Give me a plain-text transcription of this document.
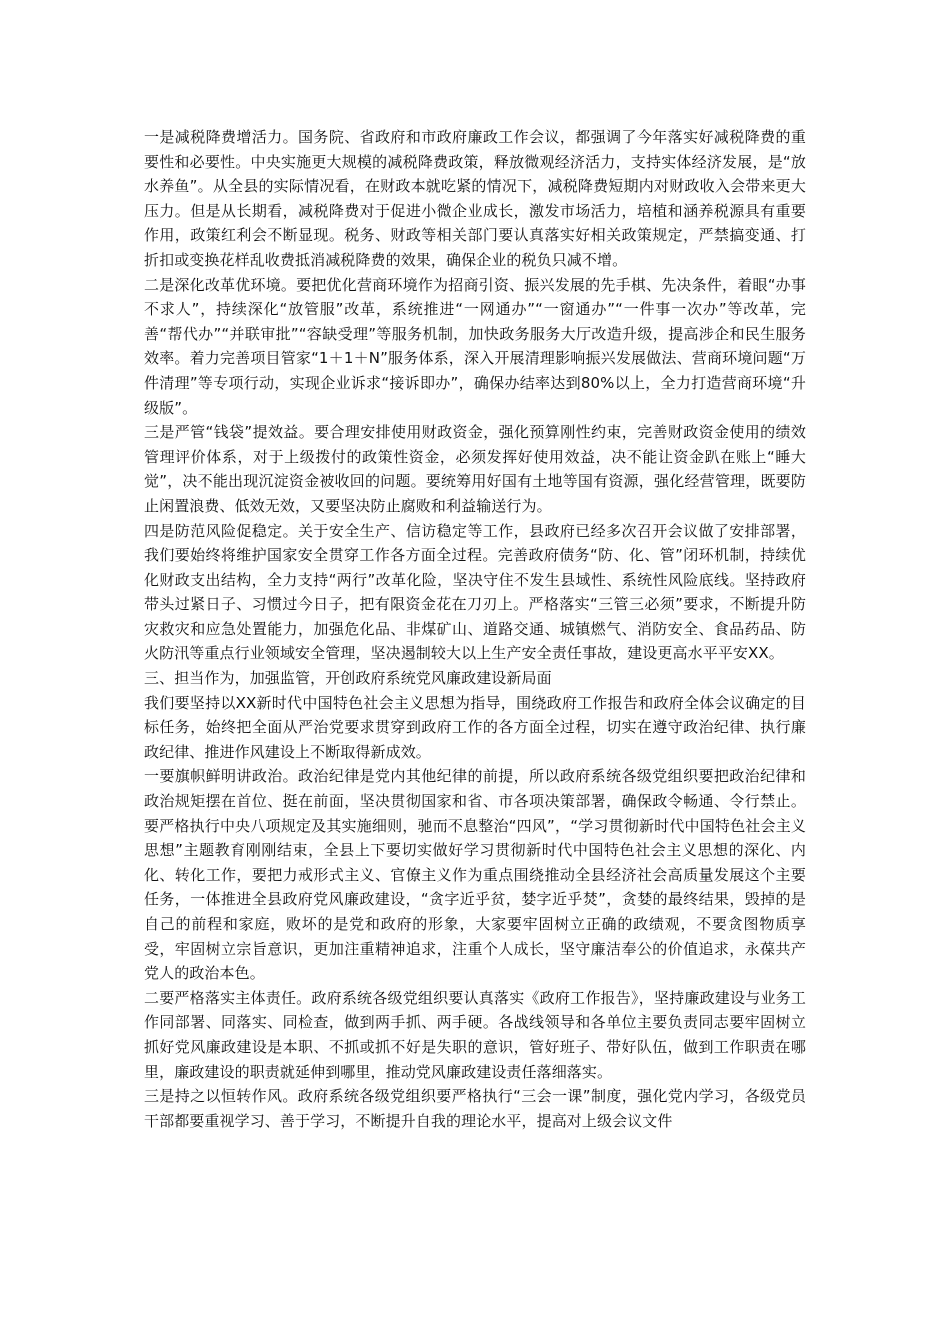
一是减税降费增活力。国务院、省政府和市政府廉政工作会议，都强调了今年落实好减税降费的重要性和必要性。中央实施更大规模的减税降费政策，释放微观经济活力，支持实体经济发展，是“放水养鱼”。从全县的实际情况看，在财政本就吃紧的情况下，减税降费短期内对财政收入会带来更大压力。但是从长期看，减税降费对于促进小微企业成长，激发市场活力，培植和涵养税源具有重要作用，政策红利会不断显现。税务、财政等相关部门要认真落实好相关政策规定，严禁搞变通、打折扣或变换花样乱收费抵消减税降费的效果，确保企业的税负只减不增。

二是深化改革优环境。要把优化营商环境作为招商引资、振兴发展的先手棋、先决条件，着眼“办事不求人”，持续深化“放管服”改革，系统推进“一网通办”“一窗通办”“一件事一次办”等改革，完善“帮代办”“并联审批”“容缺受理”等服务机制，加快政务服务大厅改造升级，提高涉企和民生服务效率。着力完善项目管家“1＋1＋N”服务体系，深入开展清理影响振兴发展做法、营商环境问题“万件清理”等专项行动，实现企业诉求“接诉即办”，确保办结率达到80%以上，全力打造营商环境“升级版”。

三是严管“钱袋”提效益。要合理安排使用财政资金，强化预算刚性约束，完善财政资金使用的绩效管理评价体系，对于上级拨付的政策性资金，必须发挥好使用效益，决不能让资金趴在账上“睡大觉”，决不能出现沉淀资金被收回的问题。要统筹用好国有土地等国有资源，强化经营管理，既要防止闲置浪费、低效无效，又要坚决防止腐败和利益输送行为。

四是防范风险促稳定。关于安全生产、信访稳定等工作，县政府已经多次召开会议做了安排部署，我们要始终将维护国家安全贯穿工作各方面全过程。完善政府债务“防、化、管”闭环机制，持续优化财政支出结构，全力支持“两行”改革化险，坚决守住不发生县域性、系统性风险底线。坚持政府带头过紧日子、习惯过今日子，把有限资金花在刀刃上。严格落实“三管三必须”要求，不断提升防灾救灾和应急处置能力，加强危化品、非煤矿山、道路交通、城镇燃气、消防安全、食品药品、防火防汛等重点行业领域安全管理，坚决遏制较大以上生产安全责任事故，建设更高水平平安XX。

三、担当作为，加强监管，开创政府系统党风廉政建设新局面

我们要坚持以XX新时代中国特色社会主义思想为指导，围绕政府工作报告和政府全体会议确定的目标任务，始终把全面从严治党要求贯穿到政府工作的各方面全过程，切实在遵守政治纪律、执行廉政纪律、推进作风建设上不断取得新成效。

一要旗帜鲜明讲政治。政治纪律是党内其他纪律的前提，所以政府系统各级党组织要把政治纪律和政治规矩摆在首位、挺在前面，坚决贯彻国家和省、市各项决策部署，确保政令畅通、令行禁止。要严格执行中央八项规定及其实施细则，驰而不息整治“四风”，“学习贯彻新时代中国特色社会主义思想”主题教育刚刚结束，全县上下要切实做好学习贯彻新时代中国特色社会主义思想的深化、内化、转化工作，要把力戒形式主义、官僚主义作为重点围绕推动全县经济社会高质量发展这个主要任务，一体推进全县政府党风廉政建设，“贪字近乎贫，婪字近乎焚”，贪婪的最终结果，毁掉的是自己的前程和家庭，败坏的是党和政府的形象，大家要牢固树立正确的政绩观，不要贪图物质享受，牢固树立宗旨意识，更加注重精神追求，注重个人成长，坚守廉洁奉公的价值追求，永葆共产党人的政治本色。

二要严格落实主体责任。政府系统各级党组织要认真落实《政府工作报告》，坚持廉政建设与业务工作同部署、同落实、同检查，做到两手抓、两手硬。各战线领导和各单位主要负责同志要牢固树立抓好党风廉政建设是本职、不抓或抓不好是失职的意识，管好班子、带好队伍，做到工作职责在哪里，廉政建设的职责就延伸到哪里，推动党风廉政建设责任落细落实。

三是持之以恒转作风。政府系统各级党组织要严格执行“三会一课”制度，强化党内学习，各级党员干部都要重视学习、善于学习，不断提升自我的理论水平，提高对上级会议文件
